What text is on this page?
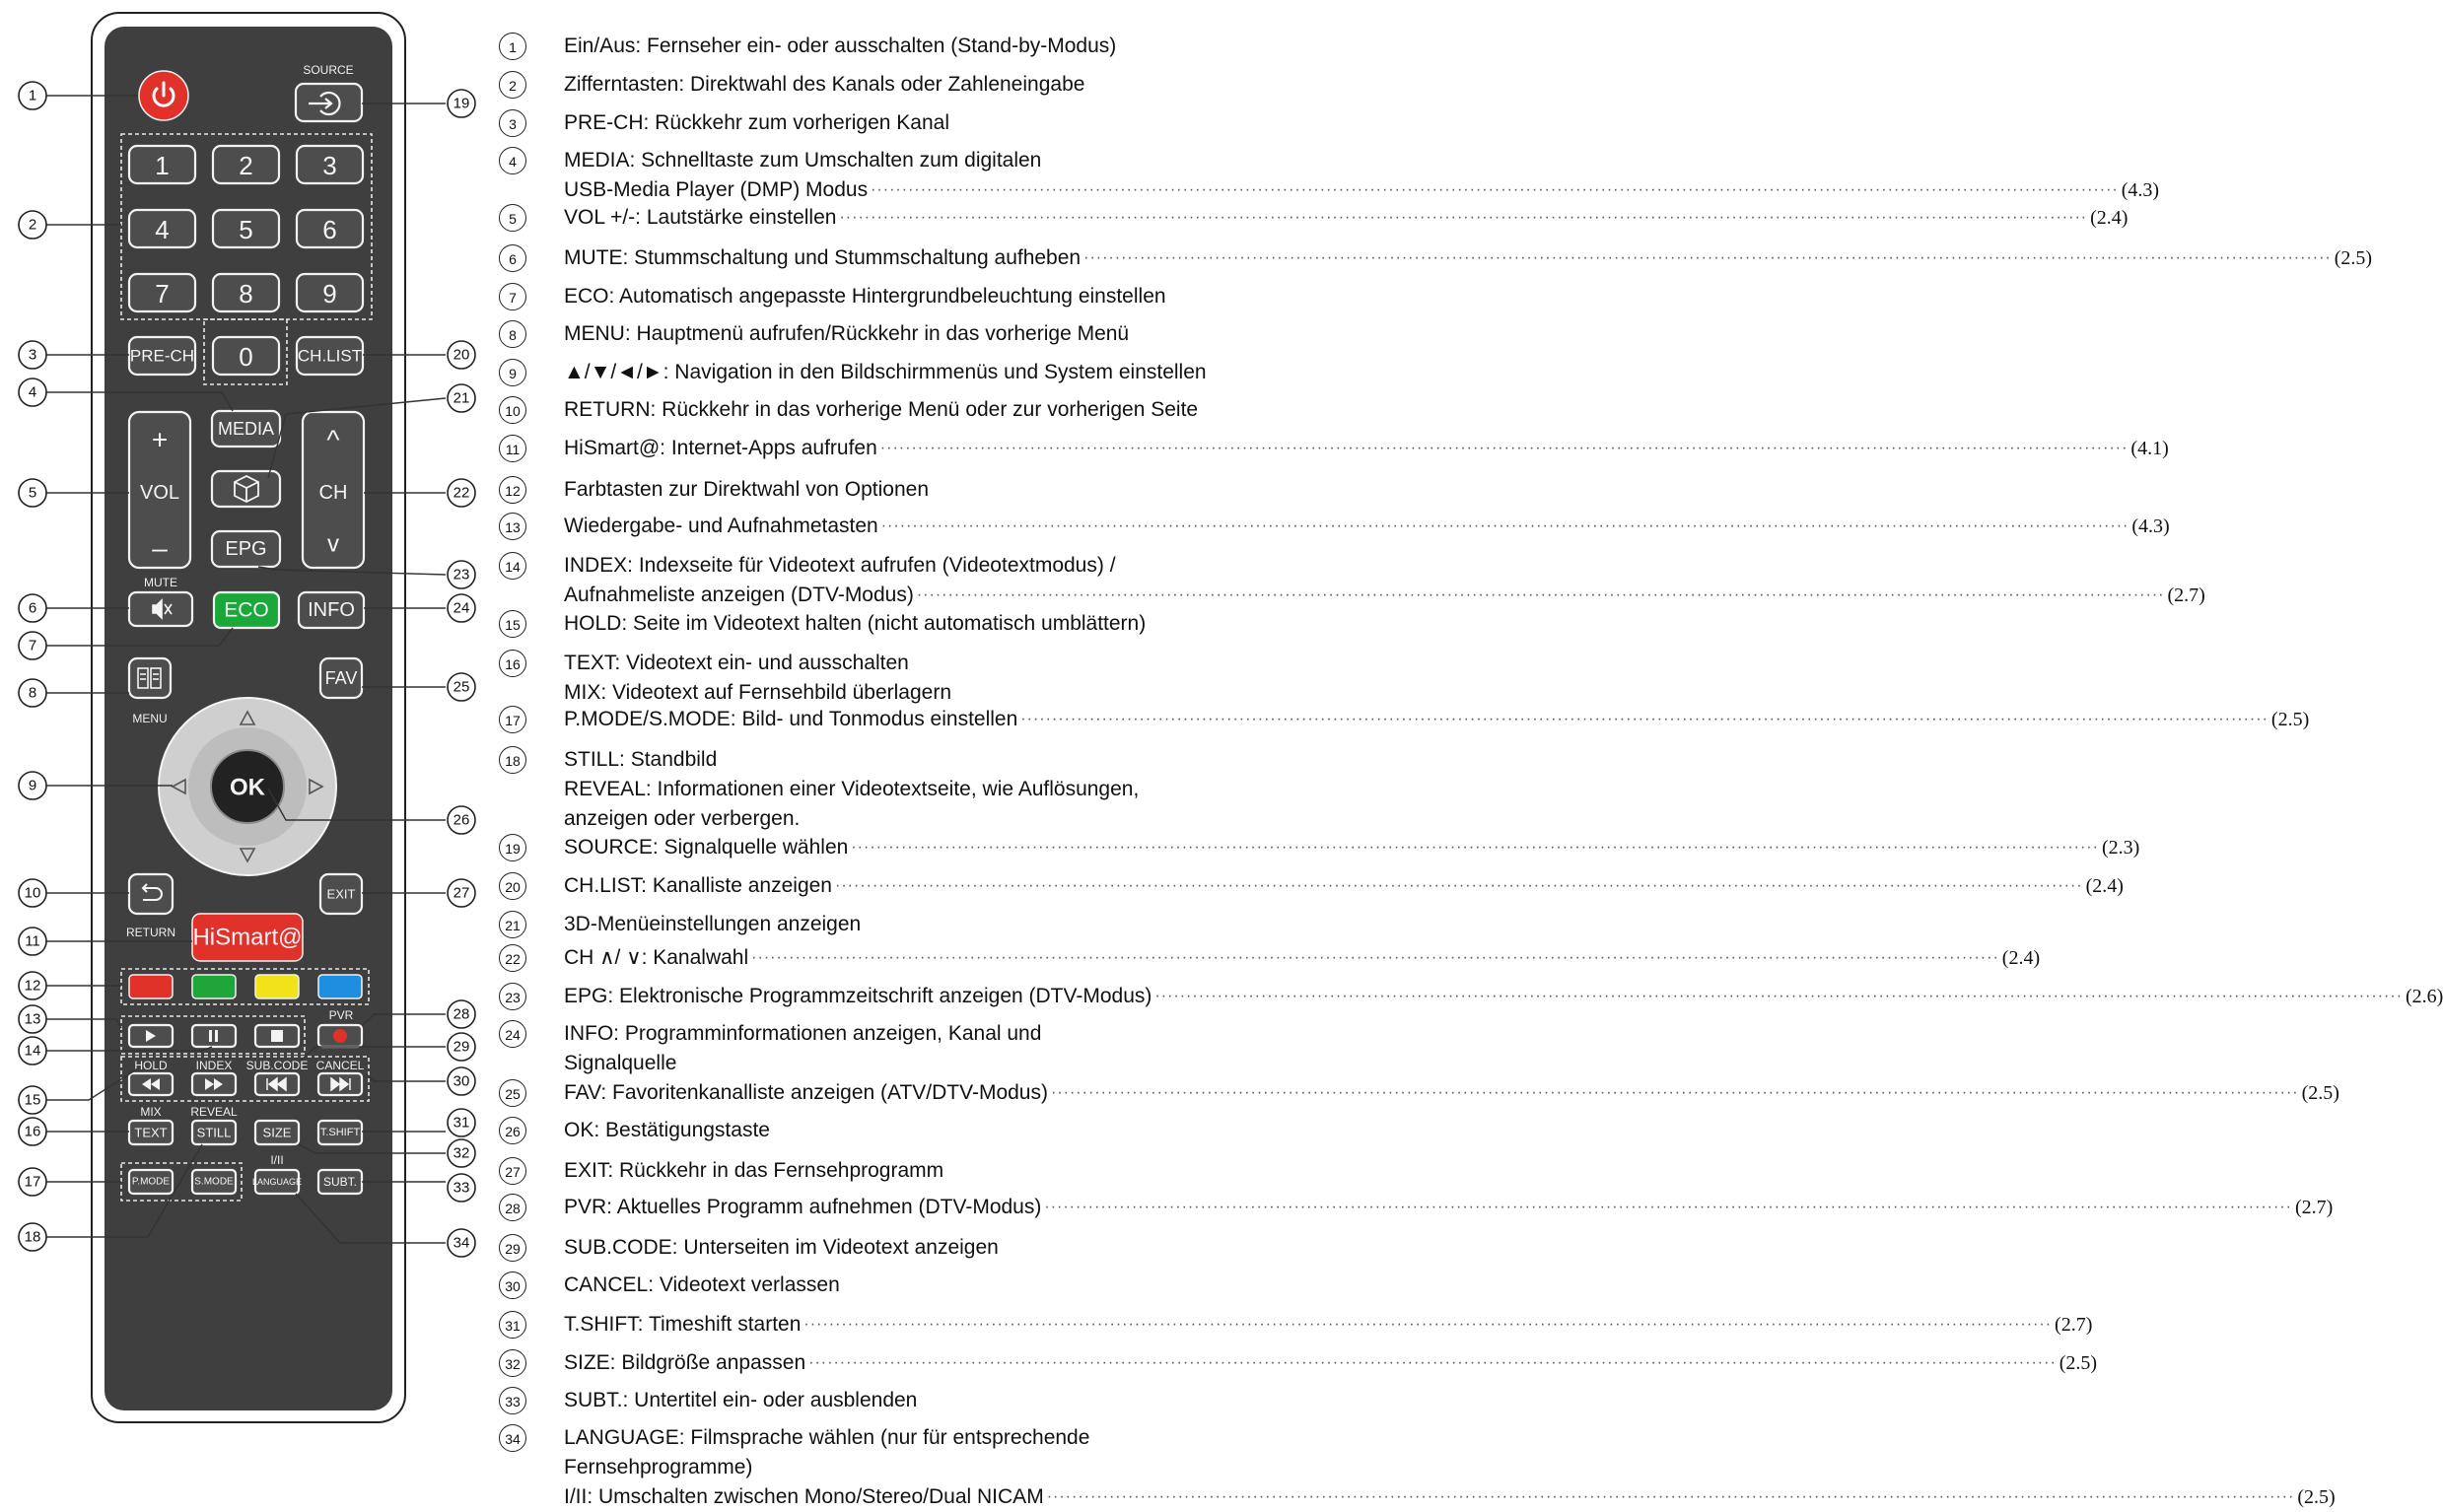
SOURCE
1	2	3
4	5	6
7	8	9
PRE-CH 0	CH.LIST
+
VOL
–
MEDIA
EPG
^
CH
v
MUTE
ECO INFO
MENU
FAV
OK
RETURN
EXIT
HiSmart@
PVR
HOLD INDEX SUB.CODE CANCEL
MIX REVEAL
TEXT STILL SIZE	T.SHIFT
I/II
P.MODE	S.MODE LANGUAGE SUBT.
1
2
3
4
5
6
7
8
9
10
11
12
13
14
15
16
17
18
19
20
21
22
23
24
25
26
27
28
29
30
31
32
33
34
1	Ein/Aus: Fernseher ein- oder ausschalten (Stand-by-Modus)
2	Zifferntasten: Direktwahl des Kanals oder Zahleneingabe
3	PRE-CH: Rückkehr zum vorherigen Kanal
4	MEDIA: Schnelltaste zum Umschalten zum digitalen
USB-Media Player (DMP) Modus ········································································································································································································ (4.3)
5	VOL +/-: Lautstärke einstellen ········································································································································································································ (2.4)
6	MUTE: Stummschaltung und Stummschaltung aufheben ········································································································································································································ (2.5)
7	ECO: Automatisch angepasste Hintergrundbeleuchtung einstellen
8	MENU: Hauptmenü aufrufen/Rückkehr in das vorherige Menü
9	▲/▼/◄/►: Navigation in den Bildschirmmenüs und System einstellen
10 RETURN: Rückkehr in das vorherige Menü oder zur vorherigen Seite
11	HiSmart@: Internet-Apps aufrufen ········································································································································································································ (4.1)
12 Farbtasten zur Direktwahl von Optionen
13 Wiedergabe- und Aufnahmetasten ········································································································································································································ (4.3)
14 INDEX: Indexseite für Videotext aufrufen (Videotextmodus) /
Aufnahmeliste anzeigen (DTV-Modus) ········································································································································································································ (2.7)
15 HOLD: Seite im Videotext halten (nicht automatisch umblättern)
16 TEXT: Videotext ein- und ausschalten
MIX: Videotext auf Fernsehbild überlagern
17 P.MODE/S.MODE: Bild- und Tonmodus einstellen ········································································································································································································ (2.5)
18 STILL: Standbild
REVEAL: Informationen einer Videotextseite, wie Auflösungen,
anzeigen oder verbergen.
19 SOURCE: Signalquelle wählen ········································································································································································································ (2.3)
20 CH.LIST: Kanalliste anzeigen ········································································································································································································ (2.4)
21 3D-Menüeinstellungen anzeigen
22 CH ∧/ ∨: Kanalwahl ········································································································································································································ (2.4)
23 EPG: Elektronische Programmzeitschrift anzeigen (DTV-Modus) ········································································································································································································ (2.6)
24 INFO: Programminformationen anzeigen, Kanal und
Signalquelle
25 FAV: Favoritenkanalliste anzeigen (ATV/DTV-Modus) ········································································································································································································ (2.5)
26 OK: Bestätigungstaste
27 EXIT: Rückkehr in das Fernsehprogramm
28 PVR: Aktuelles Programm aufnehmen (DTV-Modus) ········································································································································································································ (2.7)
29 SUB.CODE: Unterseiten im Videotext anzeigen
30 CANCEL: Videotext verlassen
31 T.SHIFT: Timeshift starten ········································································································································································································ (2.7)
32 SIZE: Bildgröße anpassen ········································································································································································································ (2.5)
33 SUBT.: Untertitel ein- oder ausblenden
34 LANGUAGE: Filmsprache wählen (nur für entsprechende
Fernsehprogramme)
I/II: Umschalten zwischen Mono/Stereo/Dual NICAM ········································································································································································································ (2.5)
